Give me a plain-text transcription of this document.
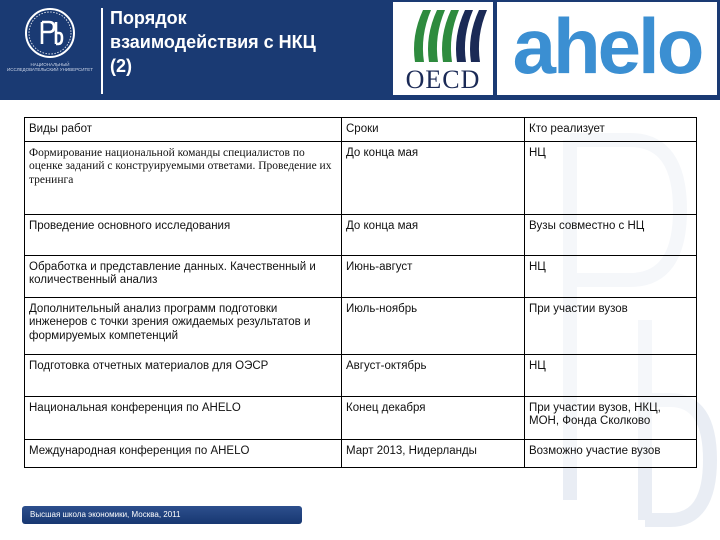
НАЦИОНАЛЬНЫЙ ИССЛЕДОВАТЕЛЬСКИЙ УНИВЕРСИТЕТ
Порядок
взаимодействия с НКЦ
(2)	OECD ahelo
Виды работ	Сроки	Кто реализует
Формирование национальной команды специалистов по оценке заданий с конструируемыми ответами. Проведение их тренинга	До конца мая	НЦ
Проведение основного исследования	До конца мая	Вузы совместно с НЦ
Обработка и представление данных. Качественный и количественный анализ	Июнь-август	НЦ
Дополнительный анализ программ подготовки инженеров с точки зрения ожидаемых результатов и формируемых компетенций	Июль-ноябрь	При участии вузов
Подготовка отчетных материалов для ОЭСР	Август-октябрь	НЦ
Национальная конференция по AHELO	Конец декабря	При участии вузов, НКЦ, МОН, Фонда Сколково
Международная конференция по AHELO	Март 2013, Нидерланды	Возможно участие вузов
Высшая школа экономики, Москва, 2011
